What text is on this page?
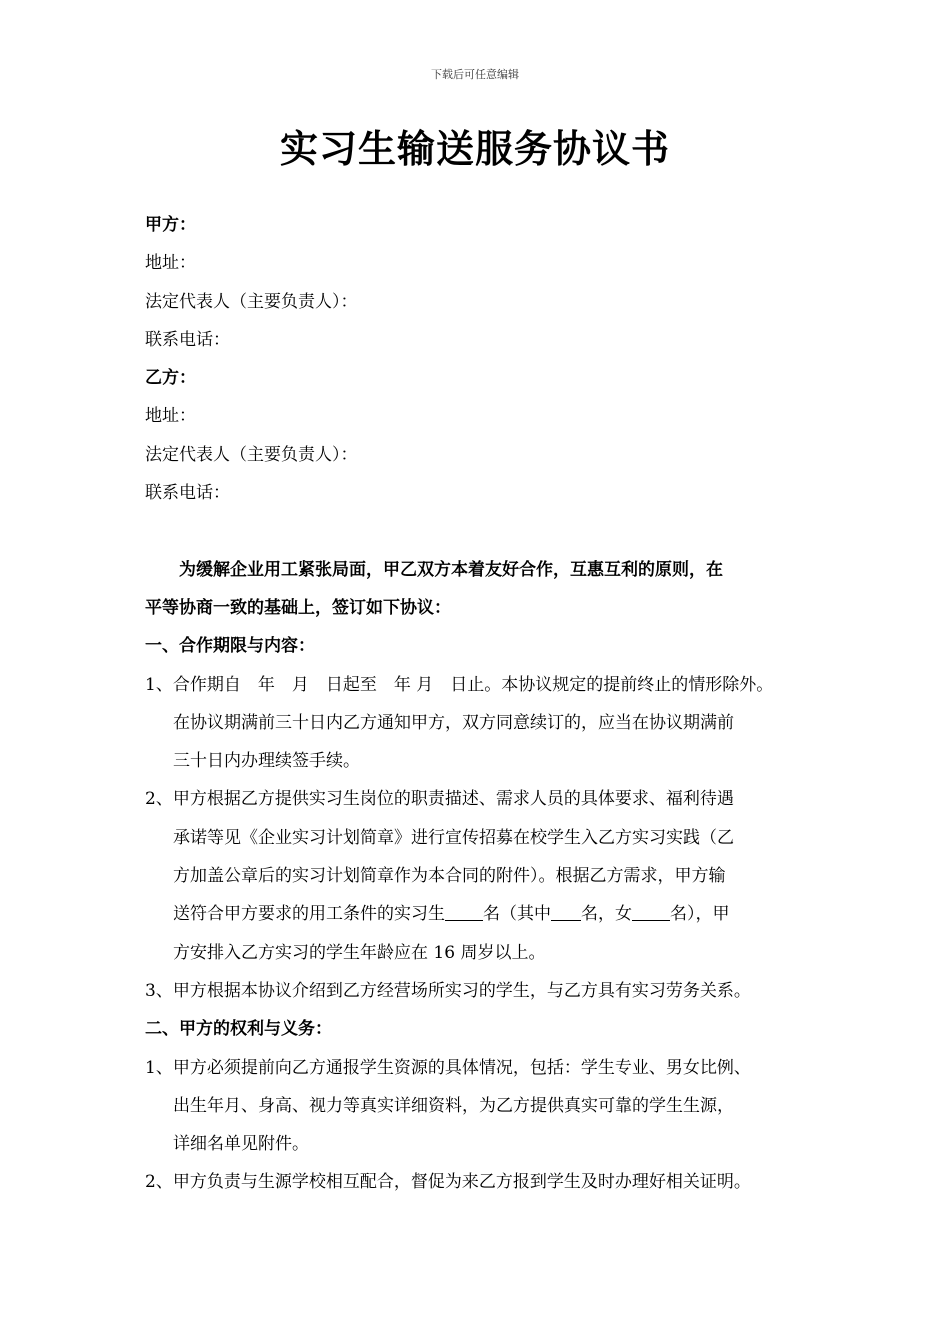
下载后可任意编辑
实习生输送服务协议书
甲方：
地址：
法定代表人（主要负责人）：
联系电话：
乙方：
地址：
法定代表人（主要负责人）：
联系电话：
为缓解企业用工紧张局面，甲乙双方本着友好合作，互惠互利的原则，在
平等协商一致的基础上，签订如下协议：
一、合作期限与内容：
1、合作期自　年　月　日起至　年 月　日止。本协议规定的提前终止的情形除外。
在协议期满前三十日内乙方通知甲方，双方同意续订的，应当在协议期满前
三十日内办理续签手续。
2、甲方根据乙方提供实习生岗位的职责描述、需求人员的具体要求、福利待遇
承诺等见《企业实习计划简章》进行宣传招募在校学生入乙方实习实践（乙
方加盖公章后的实习计划简章作为本合同的附件）。根据乙方需求，甲方输
送符合甲方要求的用工条件的实习生 名（其中 名，女 名），甲
方安排入乙方实习的学生年龄应在 16 周岁以上。
3、甲方根据本协议介绍到乙方经营场所实习的学生，与乙方具有实习劳务关系。
二、甲方的权利与义务：
1、甲方必须提前向乙方通报学生资源的具体情况，包括：学生专业、男女比例、
出生年月、身高、视力等真实详细资料，为乙方提供真实可靠的学生生源，
详细名单见附件。
2、甲方负责与生源学校相互配合，督促为来乙方报到学生及时办理好相关证明。
